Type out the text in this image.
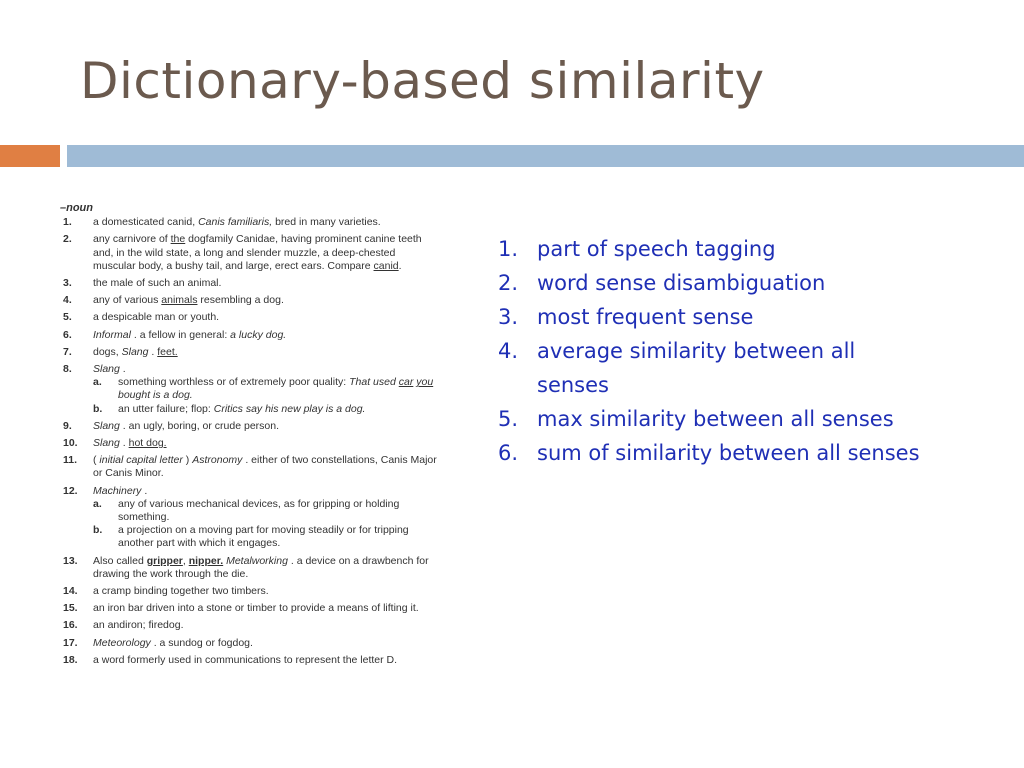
Dictionary-based similarity
–noun
1. a domesticated canid, Canis familiaris, bred in many varieties.
2. any carnivore of the dogfamily Canidae, having prominent canine teeth and, in the wild state, a long and slender muzzle, a deep-chested muscular body, a bushy tail, and large, erect ears. Compare canid.
3. the male of such an animal.
4. any of various animals resembling a dog.
5. a despicable man or youth.
6. Informal . a fellow in general: a lucky dog.
7. dogs, Slang . feet.
8. Slang .
a. something worthless or of extremely poor quality: That used car you bought is a dog.
b. an utter failure; flop: Critics say his new play is a dog.
9. Slang . an ugly, boring, or crude person.
10. Slang . hot dog.
11. ( initial capital letter ) Astronomy . either of two constellations, Canis Major or Canis Minor.
12. Machinery .
a. any of various mechanical devices, as for gripping or holding something.
b. a projection on a moving part for moving steadily or for tripping another part with which it engages.
13. Also called gripper, nipper. Metalworking . a device on a drawbench for drawing the work through the die.
14. a cramp binding together two timbers.
15. an iron bar driven into a stone or timber to provide a means of lifting it.
16. an andiron; firedog.
17. Meteorology . a sundog or fogdog.
18. a word formerly used in communications to represent the letter D.
1. part of speech tagging
2. word sense disambiguation
3. most frequent sense
4. average similarity between all
senses
5. max similarity between all senses
6. sum of similarity between all senses
